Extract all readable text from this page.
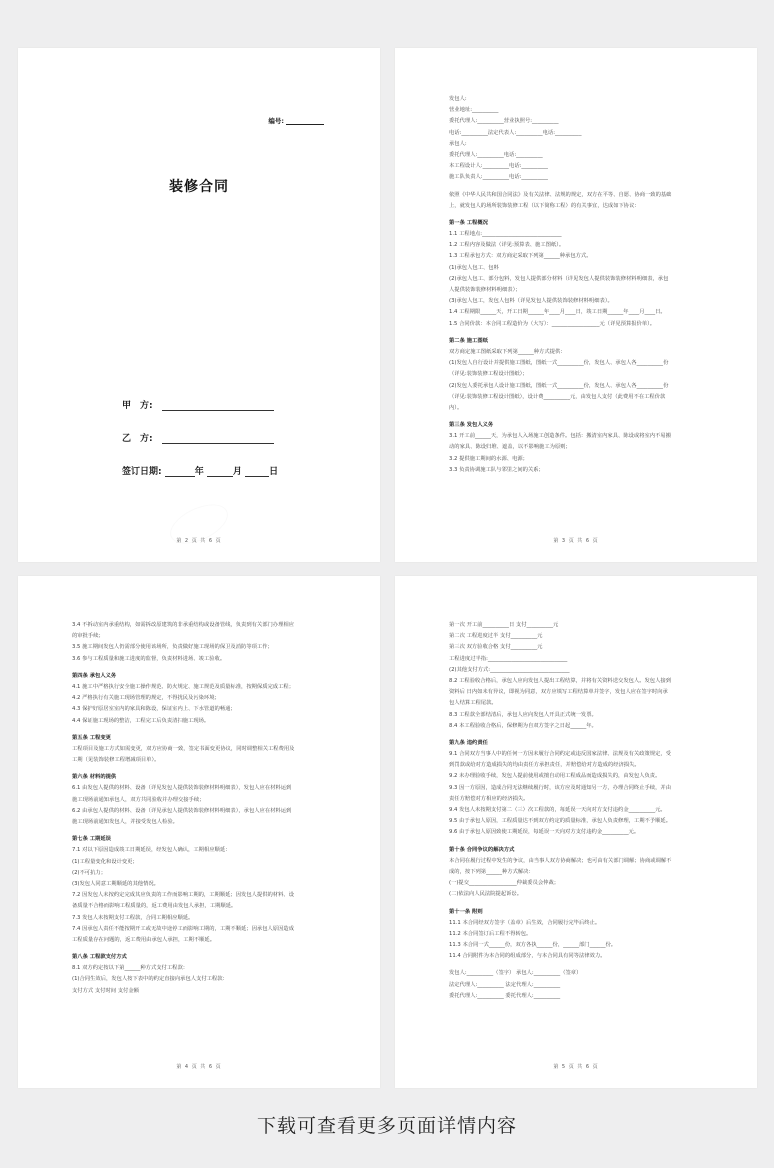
编号:
装修合同
甲　方:
乙　方:
签订日期:	年	月	日
第 2 页 共 6 页
发包人:
营业地址:__________
委托代理人:__________营业执照号:__________
电话:__________法定代表人:__________电话:__________
承包人:
委托代理人:__________电话:__________
本工程设计人:__________电话:__________
施工队负责人:__________电话:__________
依照《中华人民共和国合同法》及有关法律、法规的规定，双方在平等、自愿、协商一致的基础
上，就发包人的场所装饰装修工程（以下简称工程）的有关事宜，达成如下协议：
第一条 工程概况
1.1 工程地点:______________________________
1.2 工程内容及做法（详见:预算表、施工图纸）。
1.3 工程承包方式：双方商定采取下列第______种承包方式。
(1)承包人包工、包料
(2)承包人包工、部分包料，发包人提供部分材料（详见发包人提供装饰装修材料明细表，承包
人提供装饰装修材料明细表）；
(3)承包人包工，发包人包料（详见发包人提供装饰装修材料明细表）。
1.4 工程期限______天，开工日期______年____月____日，竣工日期______年____月____日。
1.5 合同价款：本合同工程造价为（大写）：__________________元（详见预算报价单）。
第二条 施工图纸
双方商定施工图纸采取下列第______种方式提供：
(1)发包人自行设计并提供施工图纸，图纸一式__________份，发包人、承包人各__________份
（详见:装饰装修工程设计图纸）；
(2)发包人委托承包人设计施工图纸，图纸一式__________份，发包人、承包人各__________份
（详见:装饰装修工程设计图纸），设计费__________元，由发包人支付（此费用不在工程价款
内）。
第三条 发包人义务
3.1 开工前______天，为承包人入场施工创造条件。包括：搬清室内家具、陈设或将室内不易搬
动的家具、陈设归堆、遮盖，以不影响施工为原则；
3.2 提供施工期间的水源、电源；
3.3 负责协调施工队与邻里之间的关系；
第 3 页 共 6 页
3.4 不拆动室内承重结构，如需拆改原建筑的非承重结构或设备管线，负责到有关部门办理相应
的审批手续；
3.5 施工期间发包人仍需部分使用该场所，负责做好施工现场的保卫及消防等项工作；
3.6 参与工程质量和施工进度的监督，负责材料进场、竣工验收。
第四条 承包人义务
4.1 施工中严格执行安全施工操作规范、防火规定、施工规范及质量标准，按期保质完成工程；
4.2 严格执行有关施工现场管理的规定，不得扰民及污染环境；
4.3 保护好原居室室内的家具和陈设，保证室内上、下水管道的畅通；
4.4 保证施工现场的整洁，工程完工后负责清扫施工现场。
第五条 工程变更
工程项目及施工方式如需变更，双方应协商一致，签定书面变更协议，同时调整相关工程费用及
工期（见装饰装修工程增减项目单）。
第六条 材料的提供
6.1 由发包人提供的材料、设备（详见发包人提供装饰装修材料明细表），发包人应在材料运到
施工现场前通知承包人，双方共同验收并办理交接手续；
6.2 由承包人提供的材料、设备（详见承包人提供装饰装修材料明细表），承包人应在材料运到
施工现场前通知发包人，并接受发包人检验。
第七条 工期延误
7.1 对以下原因造成竣工日期延误，经发包人确认，工期相应顺延：
(1)工程量变化和设计变更；
(2)不可抗力；
(3)发包人同意工期顺延的其他情况。
7.2 因发包人未按约定完成其应负责的工作而影响工期的，工期顺延；因发包人提供的材料、设
备质量不合格而影响工程质量的，返工费用由发包人承担，工期顺延。
7.3 发包人未按期支付工程款，合同工期相应顺延。
7.4 因承包人责任不能按期开工或无故中途停工而影响工期的，工期不顺延；因承包人原因造成
工程质量存在问题的，返工费用由承包人承担，工期不顺延。
第八条 工程款支付方式
8.1 双方约定按以下第______种方式支付工程款：
(1)合同生效后，发包人按下表中的约定直接向承包人支付工程款：
支付方式 支付时间 支付金额
第 4 页 共 6 页
第一次 开工前__________日 支付__________元
第二次 工程进度过半 支付__________元
第三次 双方验收合格 支付__________元
工程进度过半指:______________________________
(2)其他支付方式:______________________________
8.2 工程验收合格后，承包人应向发包人提出工程结算，并将有关资料送交发包人。发包人接到
资料后 日内如未有异议，即视为同意，双方应填写工程结算单并签字，发包人应在签字时向承
包人结算工程尾款。
8.3 工程款全部结清后，承包人应向发包人开具正式统一发票。
8.4 本工程验收合格后，保修期为自双方签字之日起______年。
第九条 违约责任
9.1 合同双方当事人中的任何一方因未履行合同约定或违反国家法律、法规及有关政策规定，受
到罚款或给对方造成损失的均由责任方承担责任，并赔偿给对方造成的经济损失。
9.2 未办理验收手续，发包人提前使用或擅自动用工程成品而造成损失的，由发包人负责。
9.3 因一方原因，造成合同无法继续履行时，该方应及时通知另一方，办理合同终止手续，并由
责任方赔偿对方相应的经济损失。
9.4 发包人未按期支付第二（三）次工程款的，每延误一天向对方支付违约金__________元。
9.5 由于承包人原因，工程质量达不到双方约定的质量标准，承包人负责修理，工期不予顺延。
9.6 由于承包人原因致使工期延误，每延误一天向对方支付违约金__________元。
第十条 合同争议的解决方式
本合同在履行过程中发生的争议，由当事人双方协商解决；也可由有关部门调解；协商或调解不
成的，按下列第______种方式解决：
(一)提交__________________仲裁委员会仲裁；
(二)依法向人民法院提起诉讼。
第十一条 附则
11.1 本合同经双方签字（盖章）后生效，合同履行完毕后终止。
11.2 本合同签订后工程不得转包。
11.3 本合同一式______份，双方各执______份，______部门______份。
11.4 合同附件为本合同的组成部分，与本合同具有同等法律效力。
发包人:__________（签字） 承包人:__________（签章）
法定代理人:__________ 法定代理人:__________
委托代理人:__________ 委托代理人:__________
第 5 页 共 6 页
下载可查看更多页面详情内容
